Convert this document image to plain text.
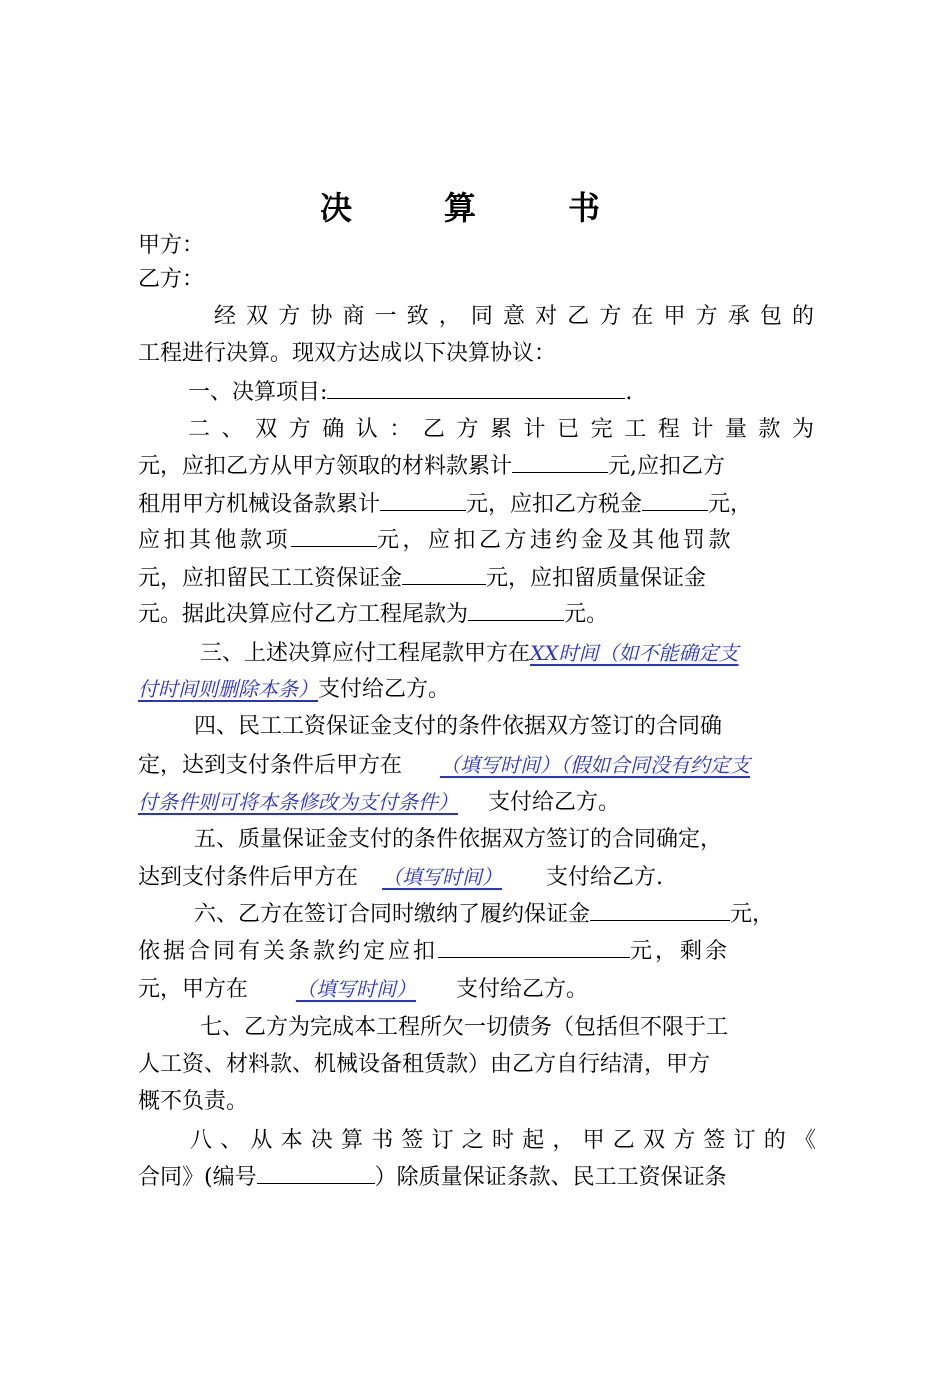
决　算　书
甲方：
乙方：
经双方协商一致，同意对乙方在甲方承包的
工程进行决算。现双方达成以下决算协议：
一、决算项目:	.
二、双方确认：乙方累计已完工程计量款为
元，应扣乙方从甲方领取的材料款累计	元,应扣乙方
租用甲方机械设备款累计	元，应扣乙方税金	元，
应扣其他款项	元，应扣乙方违约金及其他罚款
元，应扣留民工工资保证金	元，应扣留质量保证金
元。据此决算应付乙方工程尾款为	元。
三、上述决算应付工程尾款甲方在XX时间（如不能确定支
付时间则删除本条）支付给乙方。
四、民工工资保证金支付的条件依据双方签订的合同确
定，达到支付条件后甲方在 （填写时间）（假如合同没有约定支
付条件则可将本条修改为支付条件） 支付给乙方。
五、质量保证金支付的条件依据双方签订的合同确定，
达到支付条件后甲方在 （填写时间） 支付给乙方.
六、乙方在签订合同时缴纳了履约保证金	元，
依据合同有关条款约定应扣	元，剩余
元，甲方在 （填写时间） 支付给乙方。
七、乙方为完成本工程所欠一切债务（包括但不限于工
人工资、材料款、机械设备租赁款）由乙方自行结清，甲方
概不负责。
八、从本决算书签订之时起，甲乙双方签订的《
合同》(编号	）除质量保证条款、民工工资保证条
